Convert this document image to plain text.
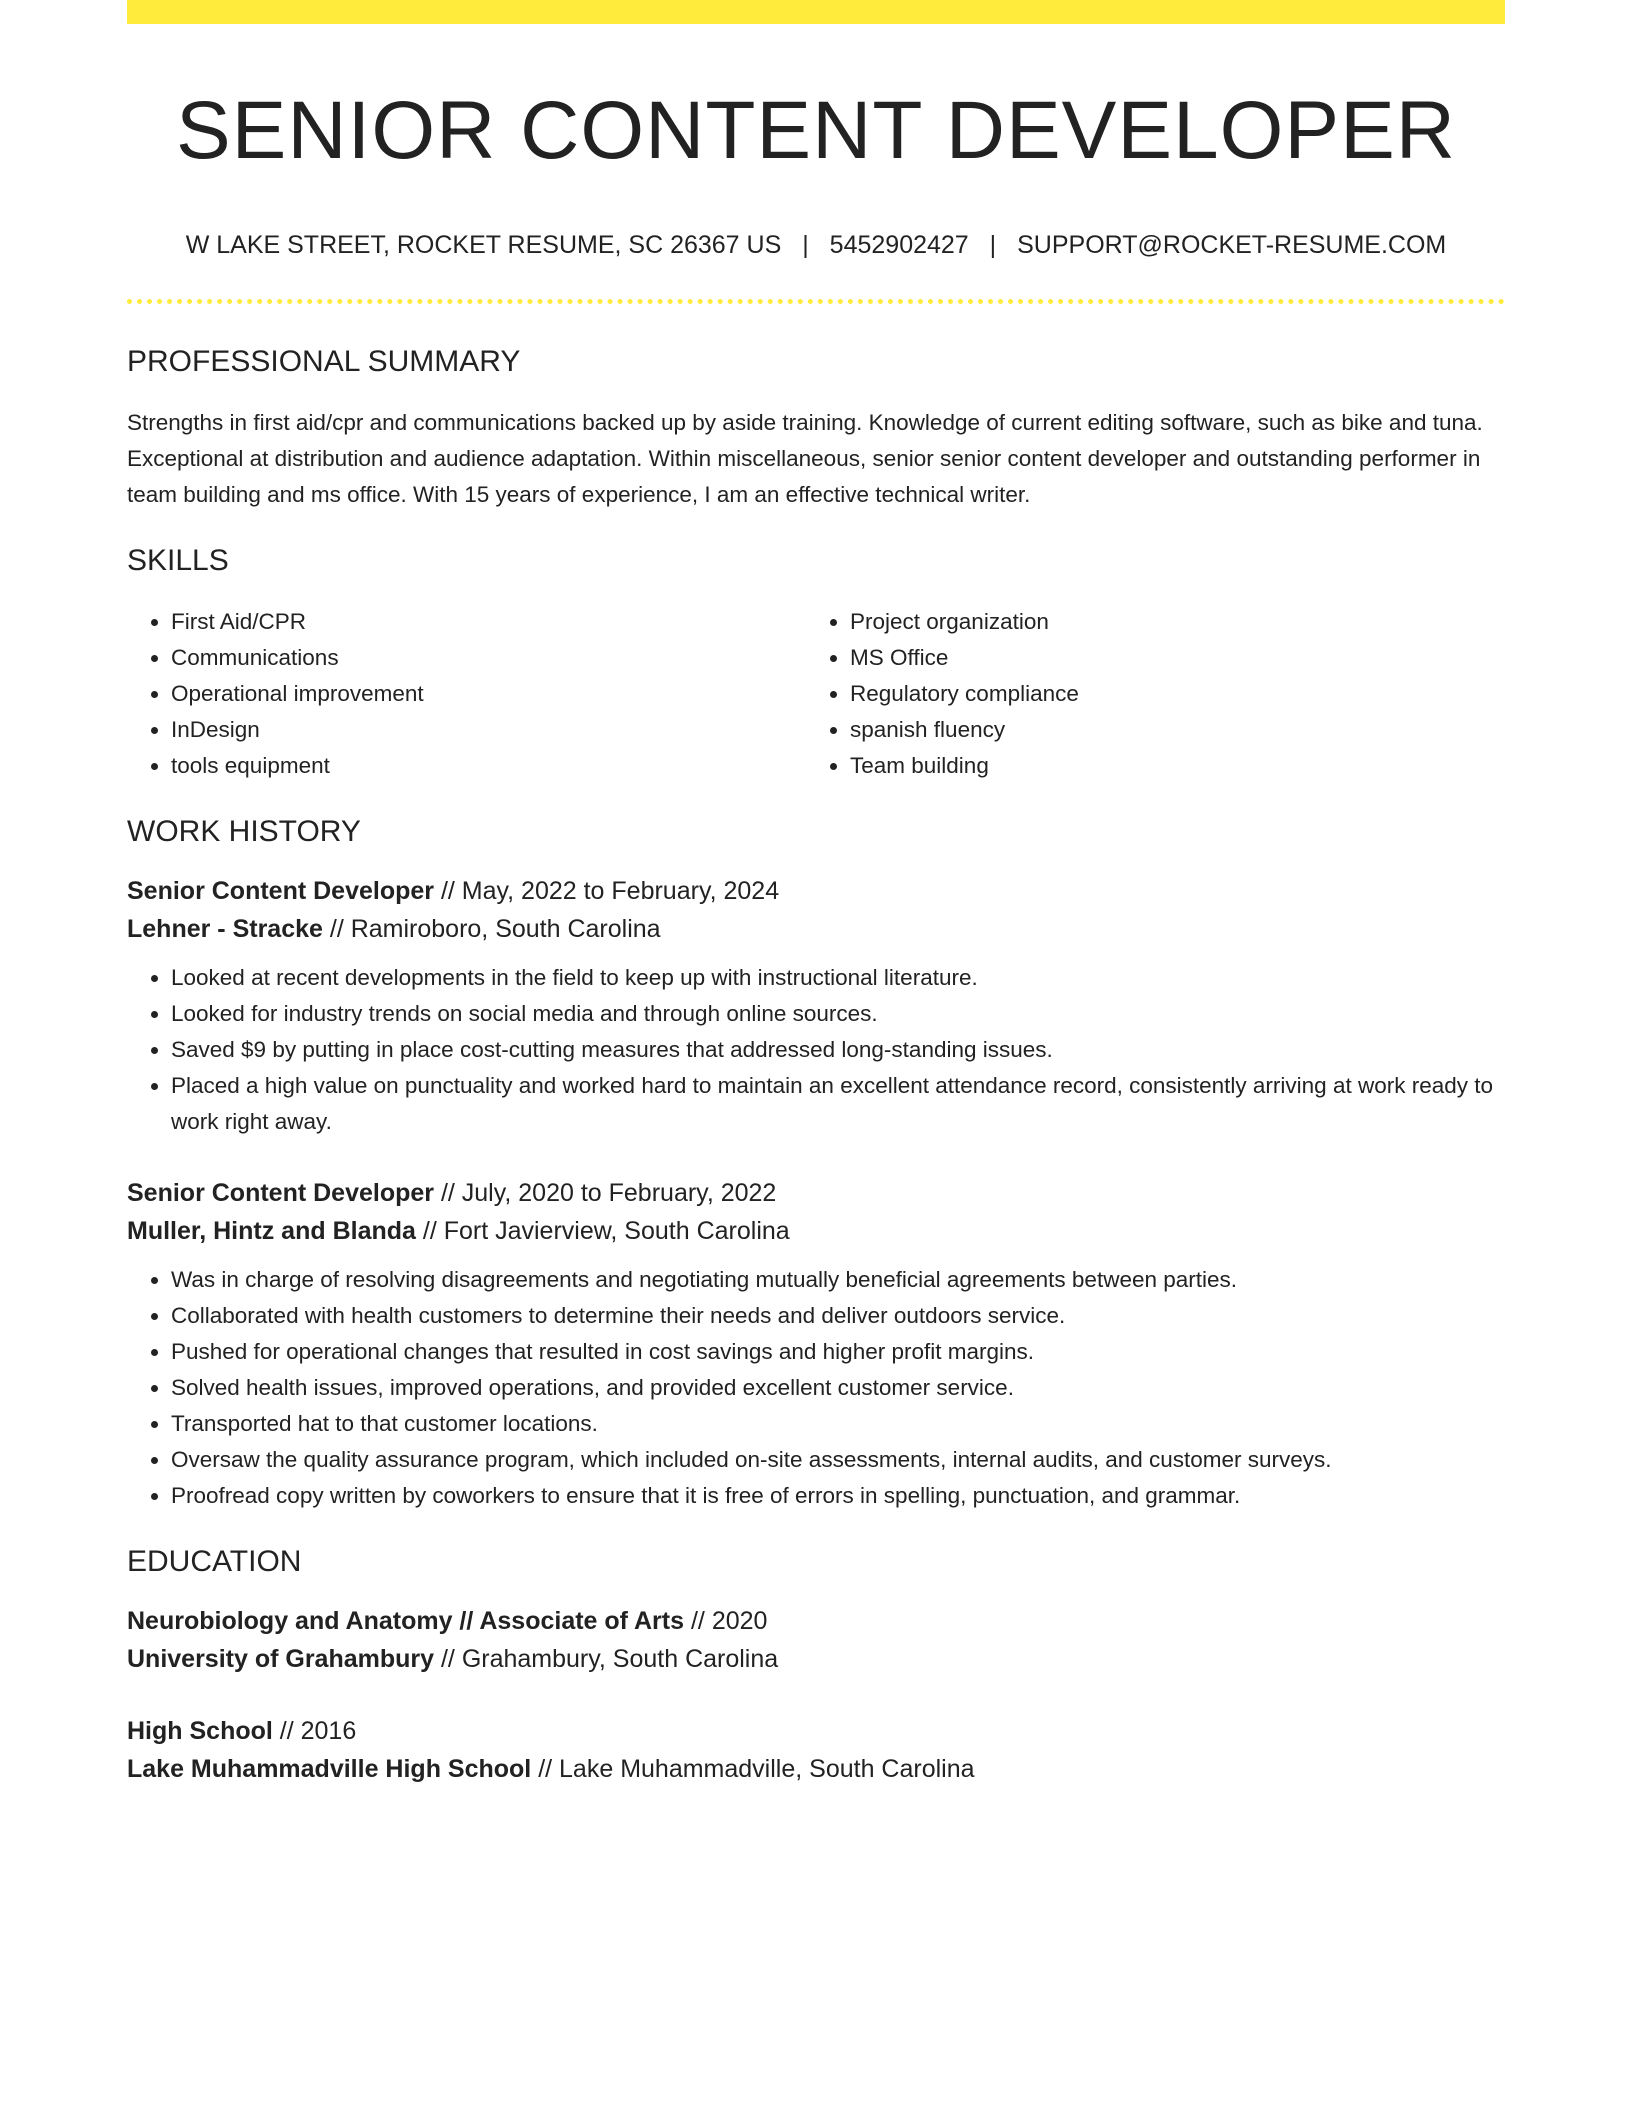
SENIOR CONTENT DEVELOPER
W LAKE STREET, ROCKET RESUME, SC 26367 US | 5452902427 | SUPPORT@ROCKET-RESUME.COM
PROFESSIONAL SUMMARY
Strengths in first aid/cpr and communications backed up by aside training. Knowledge of current editing software, such as bike and tuna. Exceptional at distribution and audience adaptation. Within miscellaneous, senior senior content developer and outstanding performer in team building and ms office. With 15 years of experience, I am an effective technical writer.
SKILLS
• First Aid/CPR
• Communications
• Operational improvement
• InDesign
• tools equipment
• Project organization
• MS Office
• Regulatory compliance
• spanish fluency
• Team building
WORK HISTORY
Senior Content Developer // May, 2022 to February, 2024
Lehner - Stracke // Ramiroboro, South Carolina
• Looked at recent developments in the field to keep up with instructional literature.
• Looked for industry trends on social media and through online sources.
• Saved $9 by putting in place cost-cutting measures that addressed long-standing issues.
• Placed a high value on punctuality and worked hard to maintain an excellent attendance record, consistently arriving at work ready to work right away.
Senior Content Developer // July, 2020 to February, 2022
Muller, Hintz and Blanda // Fort Javierview, South Carolina
• Was in charge of resolving disagreements and negotiating mutually beneficial agreements between parties.
• Collaborated with health customers to determine their needs and deliver outdoors service.
• Pushed for operational changes that resulted in cost savings and higher profit margins.
• Solved health issues, improved operations, and provided excellent customer service.
• Transported hat to that customer locations.
• Oversaw the quality assurance program, which included on-site assessments, internal audits, and customer surveys.
• Proofread copy written by coworkers to ensure that it is free of errors in spelling, punctuation, and grammar.
EDUCATION
Neurobiology and Anatomy // Associate of Arts // 2020
University of Grahambury // Grahambury, South Carolina
High School // 2016
Lake Muhammadville High School // Lake Muhammadville, South Carolina
